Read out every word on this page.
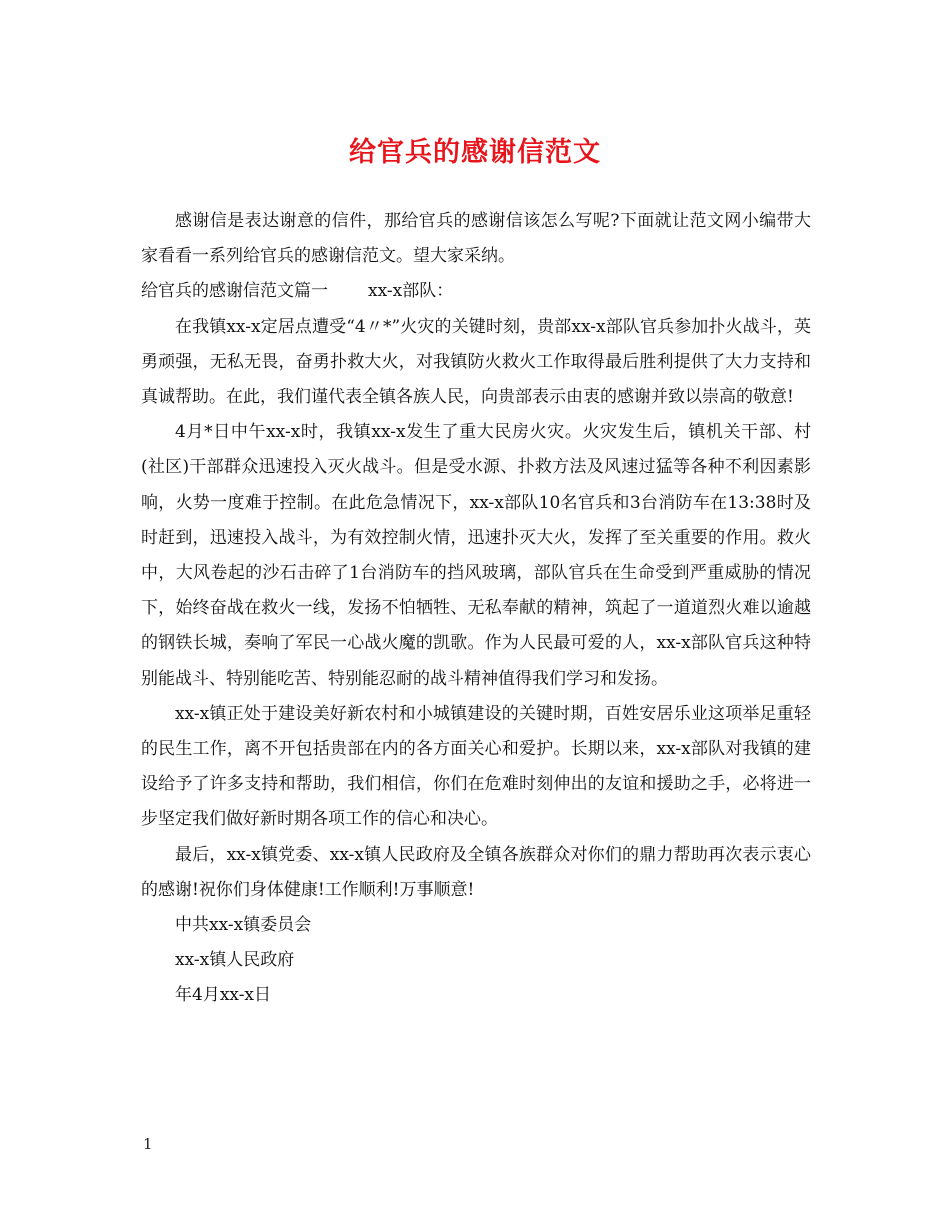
给官兵的感谢信范文

感谢信是表达谢意的信件，那给官兵的感谢信该怎么写呢?下面就让范文网小编带大家看看一系列给官兵的感谢信范文。望大家采纳。

给官兵的感谢信范文篇一 xx-x部队：

在我镇xx-x定居点遭受“4〃*”火灾的关键时刻，贵部xx-x部队官兵参加扑火战斗，英勇顽强，无私无畏，奋勇扑救大火，对我镇防火救火工作取得最后胜利提供了大力支持和真诚帮助。在此，我们谨代表全镇各族人民，向贵部表示由衷的感谢并致以崇高的敬意!

4月*日中午xx-x时，我镇xx-x发生了重大民房火灾。火灾发生后，镇机关干部、村(社区)干部群众迅速投入灭火战斗。但是受水源、扑救方法及风速过猛等各种不利因素影响，火势一度难于控制。在此危急情况下，xx-x部队10名官兵和3台消防车在13:38时及时赶到，迅速投入战斗，为有效控制火情，迅速扑灭大火，发挥了至关重要的作用。救火中，大风卷起的沙石击碎了1台消防车的挡风玻璃，部队官兵在生命受到严重威胁的情况下，始终奋战在救火一线，发扬不怕牺牲、无私奉献的精神，筑起了一道道烈火难以逾越的钢铁长城，奏响了军民一心战火魔的凯歌。作为人民最可爱的人，xx-x部队官兵这种特别能战斗、特别能吃苦、特别能忍耐的战斗精神值得我们学习和发扬。

xx-x镇正处于建设美好新农村和小城镇建设的关键时期，百姓安居乐业这项举足重轻的民生工作，离不开包括贵部在内的各方面关心和爱护。长期以来，xx-x部队对我镇的建设给予了许多支持和帮助，我们相信，你们在危难时刻伸出的友谊和援助之手，必将进一步坚定我们做好新时期各项工作的信心和决心。

最后，xx-x镇党委、xx-x镇人民政府及全镇各族群众对你们的鼎力帮助再次表示衷心的感谢!祝你们身体健康!工作顺利!万事顺意!

中共xx-x镇委员会

xx-x镇人民政府

年4月xx-x日

1
